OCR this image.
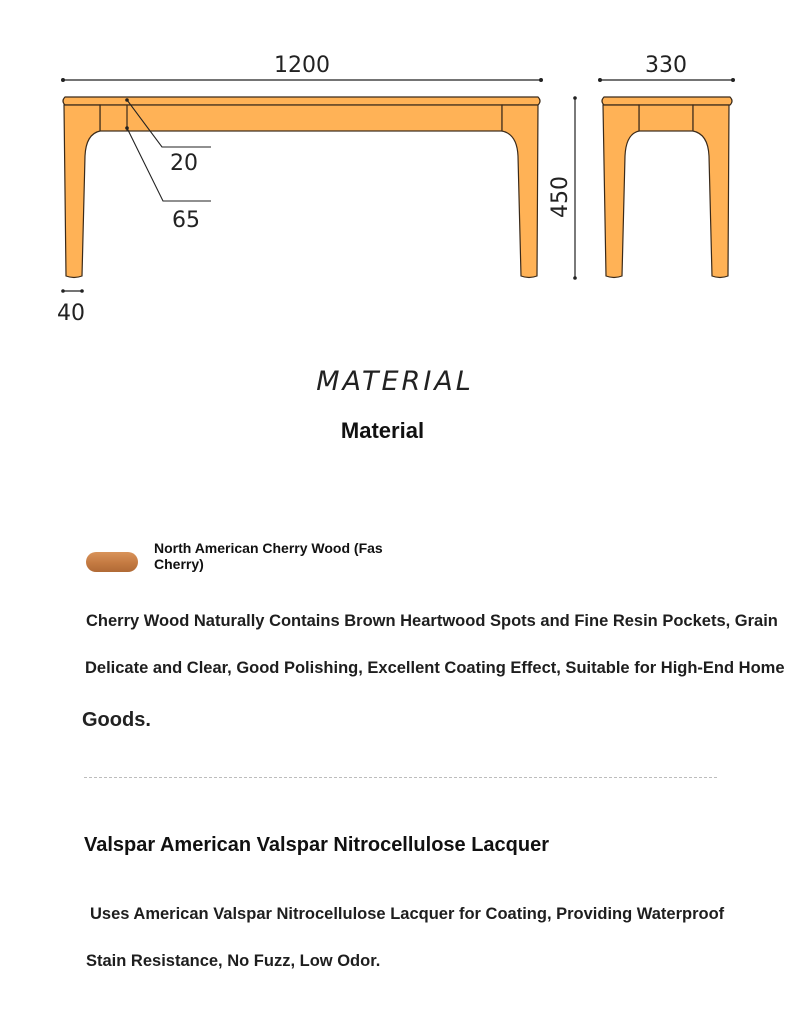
1200
20
65
40
450
330
MATERIAL
Material
North American Cherry Wood (Fas Cherry)
Cherry Wood Naturally Contains Brown Heartwood Spots and Fine Resin Pockets, Grain
Delicate and Clear, Good Polishing, Excellent Coating Effect, Suitable for High-End Home
Goods.
Valspar American Valspar Nitrocellulose Lacquer
Uses American Valspar Nitrocellulose Lacquer for Coating, Providing Waterproof
Stain Resistance, No Fuzz, Low Odor.
